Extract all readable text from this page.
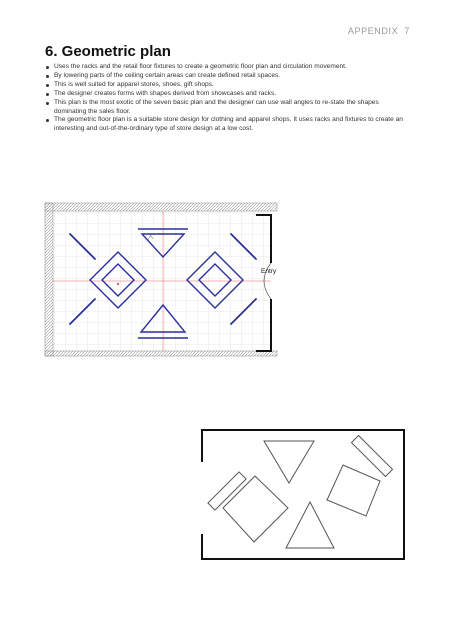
APPENDIX 7
6. Geometric plan
Uses the racks and the retail floor fixtures to create a geometric floor plan and circulation movement.
By lowering parts of the ceiling certain areas can create defined retail spaces.
This is well suited for apparel stores, shoes, gift shops.
The designer creates forms with shapes derived from showcases and racks.
This plan is the most exotic of the seven basic plan and the designer can use wall angles to re-state the shapes dominating the sales floor.
The geometric floor plan is a suitable store design for clothing and apparel shops. It uses racks and fixtures to create an interesting and out-of-the-ordinary type of store design at a low cost.
Entry
